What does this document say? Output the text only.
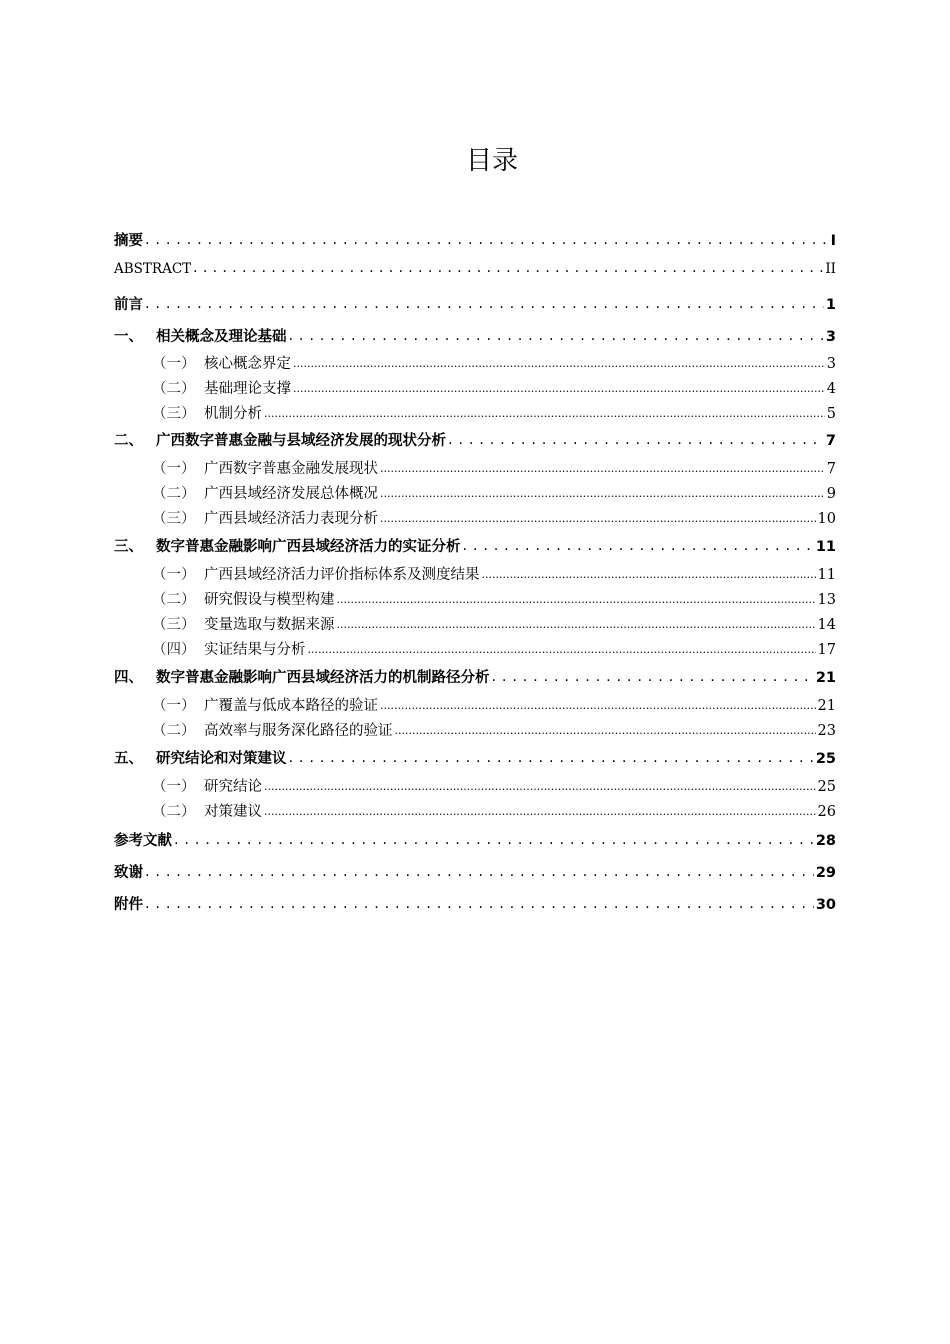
目录
摘要 . . .	I
ABSTRACT . . .	II
前言 . . .	1
一、 相关概念及理论基础 . . .	3
（一） 核心概念界定 .....	3
（二） 基础理论支撑 .....	4
（三） 机制分析 .....	5
二、 广西数字普惠金融与县域经济发展的现状分析 . . .	7
（一） 广西数字普惠金融发展现状 .....	7
（二） 广西县域经济发展总体概况 .....	9
（三） 广西县域经济活力表现分析 .....	10
三、 数字普惠金融影响广西县域经济活力的实证分析 . . .	11
（一） 广西县域经济活力评价指标体系及测度结果 .....	11
（二） 研究假设与模型构建 .....	13
（三） 变量选取与数据来源 .....	14
（四） 实证结果与分析 .....	17
四、 数字普惠金融影响广西县域经济活力的机制路径分析 . . .	21
（一） 广覆盖与低成本路径的验证 .....	21
（二） 高效率与服务深化路径的验证 .....	23
五、 研究结论和对策建议 . . .	25
（一） 研究结论 .....	25
（二） 对策建议 .....	26
参考文献 . . .	28
致谢 . . .	29
附件 . . .	30
